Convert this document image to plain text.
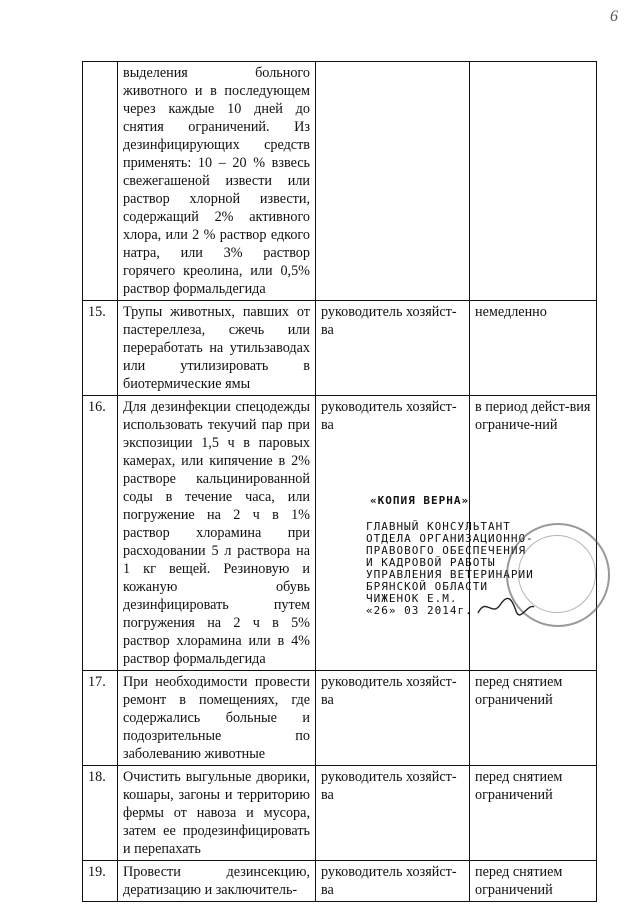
6
	выделения больного животного и в последующем через каждые 10 дней до снятия ограничений. Из дезинфицирующих средств применять: 10 – 20 % взвесь свежегашеной извести или раствор хлорной извести, содержащий 2% активного хлора, или 2 % раствор едкого натра, или 3% раствор горячего креолина, или 0,5% раствор формальдегида		
15.	Трупы животных, павших от пастереллеза, сжечь или переработать на утильзаводах или утилизировать в биотермические ямы	руководитель хозяйст-ва	немедленно
16.	Для дезинфекции спецодежды использовать текучий пар при экспозиции 1,5 ч в паровых камерах, или кипячение в 2% растворе кальцинированной соды в течение часа, или погружение на 2 ч в 1% раствор хлорамина при расходовании 5 л раствора на 1 кг вещей. Резиновую и кожаную обувь дезинфицировать путем погружения на 2 ч в 5% раствор хлорамина или в 4% раствор формальдегида	руководитель хозяйст-ва	в период дейст-вия ограниче-ний
17.	При необходимости провести ремонт в помещениях, где содержались больные и подозрительные по заболеванию животные	руководитель хозяйст-ва	перед снятием ограничений
18.	Очистить выгульные дворики, кошары, загоны и территорию фермы от навоза и мусора, затем ее продезинфицировать и перепахать	руководитель хозяйст-ва	перед снятием ограничений
19.	Провести дезинсекцию, дератизацию и заключитель-	руководитель хозяйст-ва	перед снятием ограничений
«КОПИЯ ВЕРНА»
ГЛАВНЫЙ КОНСУЛЬТАНТ
ОТДЕЛА ОРГАНИЗАЦИОННО-
ПРАВОВОГО ОБЕСПЕЧЕНИЯ
И КАДРОВОЙ РАБОТЫ
УПРАВЛЕНИЯ ВЕТЕРИНАРИИ
БРЯНСКОЙ ОБЛАСТИ
ЧИЖЕНОК Е.М.
«26» 03 2014г.
